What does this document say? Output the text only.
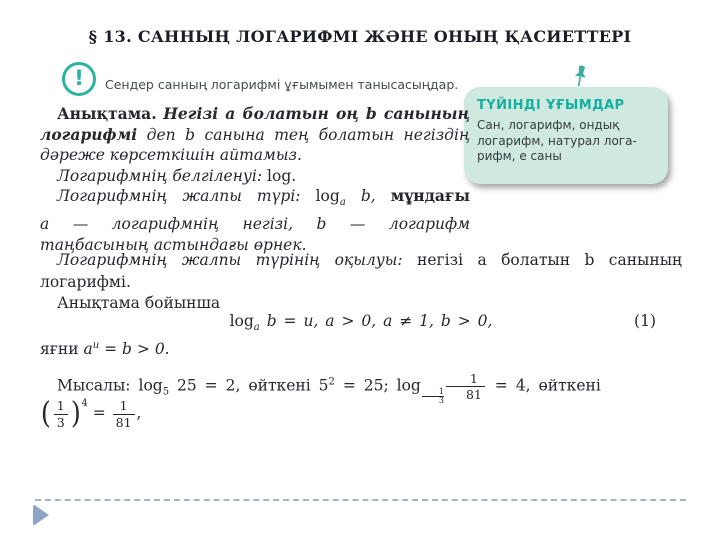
§ 13. САННЫҢ ЛОГАРИФМІ ЖӘНЕ ОНЫҢ ҚАСИЕТТЕРІ
! Сендер санның логарифмі ұғымымен танысасыңдар.
ТҮЙІНДІ ҰҒЫМДАР
Сан, логарифм, ондық
логарифм, натурал лога-
рифм, е саны
Анықтама. Негізі а болатын оң b санының
логарифмі деп b санына тең болатын негіздің
дәреже көрсеткішін айтамыз.
Логарифмнің белгіленуі: log.
Логарифмнің жалпы түрі: $\log_a b$, мұндағы
а — логарифмнің негізі, b — логарифм
таңбасының астындағы өрнек.
Логарифмнің жалпы түрінің оқылуы: негізі а болатын b санының
логарифмі.
Анықтама бойынша
$\log_a b = u$, a > 0, a ≠ 1, b > 0,	(1)
яғни $a^u = b > 0$.
Мысалы: $\log_5 25 = 2$, өйткені $5^2 = 25$; log
$\frac{1}{3} \frac{1}{81} = 4$, өйткені
( $\frac{1}{3} )^4 = \frac{1}{81}$ ,
